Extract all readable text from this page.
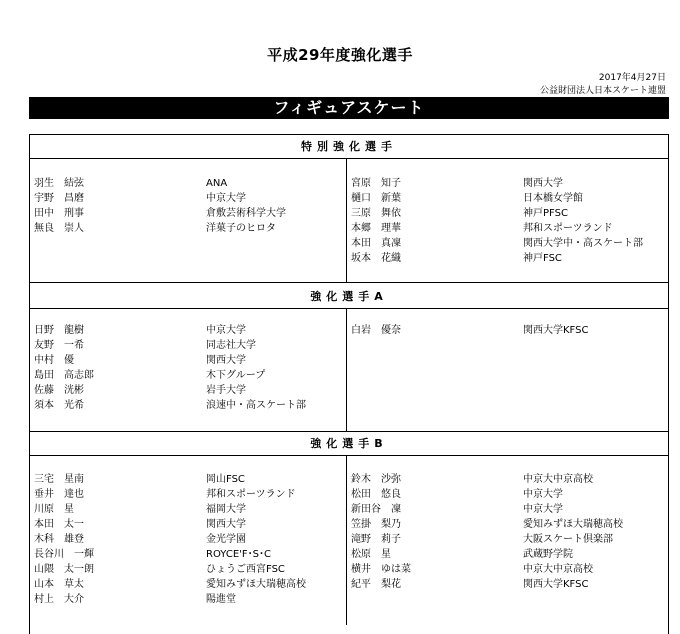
平成29年度強化選手
2017年4月27日
公益財団法人日本スケート連盟
フィギュアスケート
特別強化選手
羽生　結弦	ANA
宇野　昌磨	中京大学
田中　刑事	倉敷芸術科学大学
無良　崇人	洋菓子のヒロタ
宮原　知子	関西大学
樋口　新葉	日本橋女学館
三原　舞依	神戸PFSC
本郷　理華	邦和スポーツランド
本田　真凜	関西大学中・高スケート部
坂本　花織	神戸FSC
強化選手A
日野　龍樹	中京大学
友野　一希	同志社大学
中村　優	関西大学
島田　高志郎	木下グループ
佐藤　洸彬	岩手大学
須本　光希	浪速中・高スケート部
白岩　優奈	関西大学KFSC
強化選手B
三宅　星南	岡山FSC
垂井　達也	邦和スポーツランド
川原　星	福岡大学
本田　太一	関西大学
木科　雄登	金光学園
長谷川　一輝	ROYCE'F･S･C
山隈　太一朗	ひょうご西宮FSC
山本　草太	愛知みずほ大瑞穂高校
村上　大介	陽進堂
鈴木　沙弥	中京大中京高校
松田　悠良	中京大学
新田谷　凜	中京大学
笠掛　梨乃	愛知みずほ大瑞穂高校
滝野　莉子	大阪スケート倶楽部
松原　星	武蔵野学院
横井　ゆは菜	中京大中京高校
紀平　梨花	関西大学KFSC
